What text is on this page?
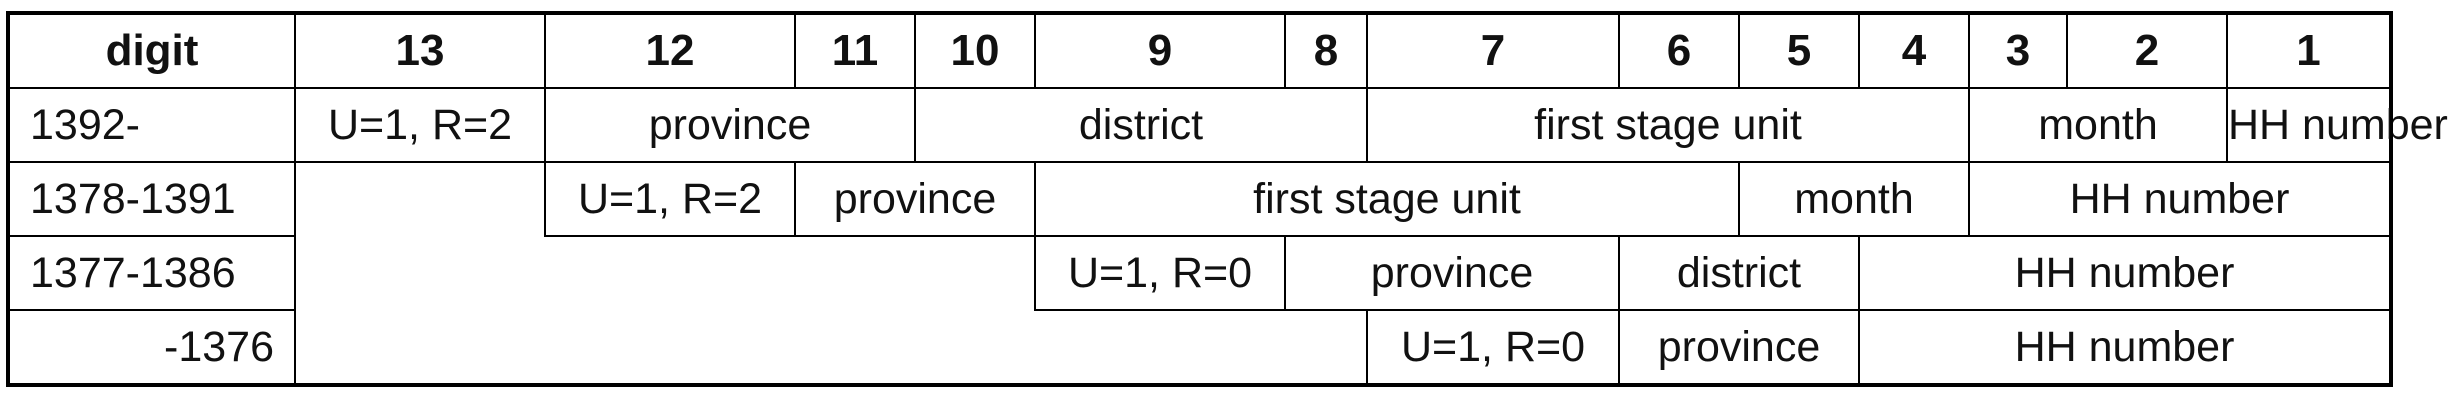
digit	13	12	11	10	9	8	7	6	5	4	3	2	1
1392-	U=1, R=2	province		district			first stage unit				month		HH number
1378-1391		U=1, R=2	province		first stage unit				month		HH number		
1377-1386					U=1, R=0	province		district		HH number			
-1376							U=1, R=0	province		HH number			
